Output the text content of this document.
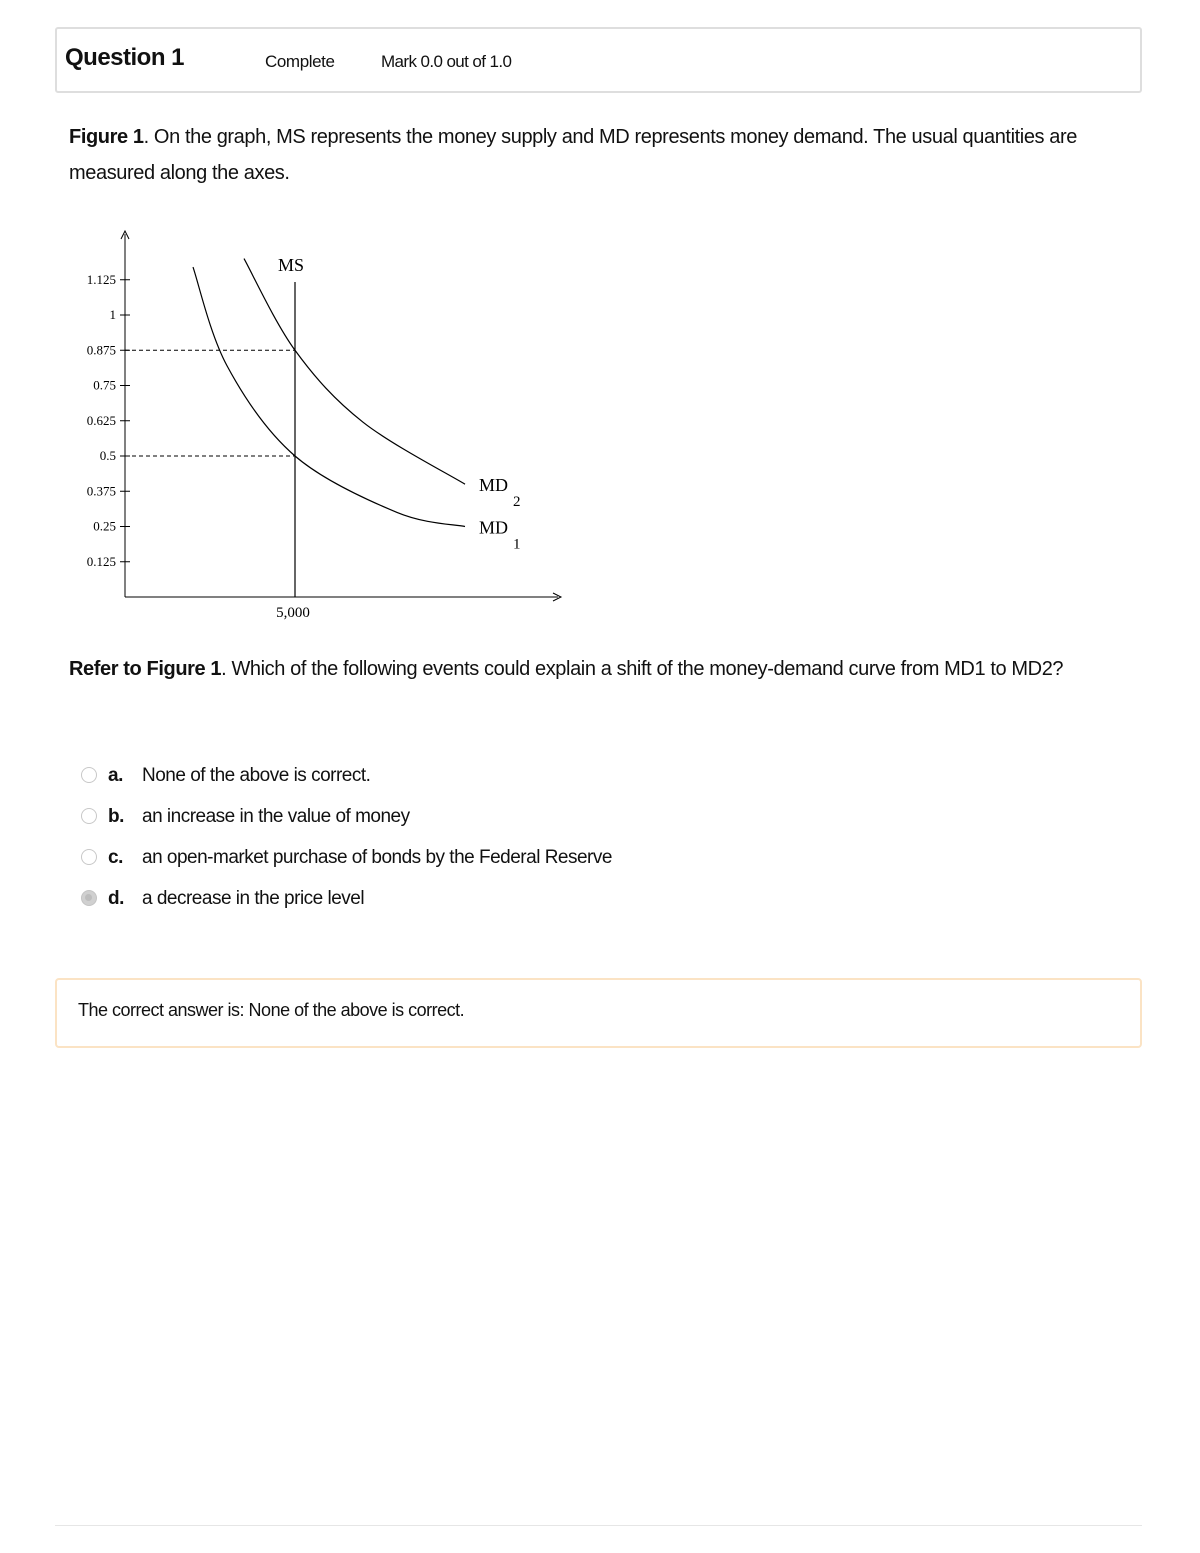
Question 1	Complete	Mark 0.0 out of 1.0
Figure 1. On the graph, MS represents the money supply and MD represents money demand. The usual quantities are measured along the axes.
1.125
1
0.875
0.75
0.625
0.5
0.375
0.25
0.125
MS
5,000
MD
1
MD
2
Refer to Figure 1. Which of the following events could explain a shift of the money-demand curve from MD1 to MD2?
a. None of the above is correct.
b. an increase in the value of money
c. an open-market purchase of bonds by the Federal Reserve
d. a decrease in the price level
The correct answer is: None of the above is correct.
